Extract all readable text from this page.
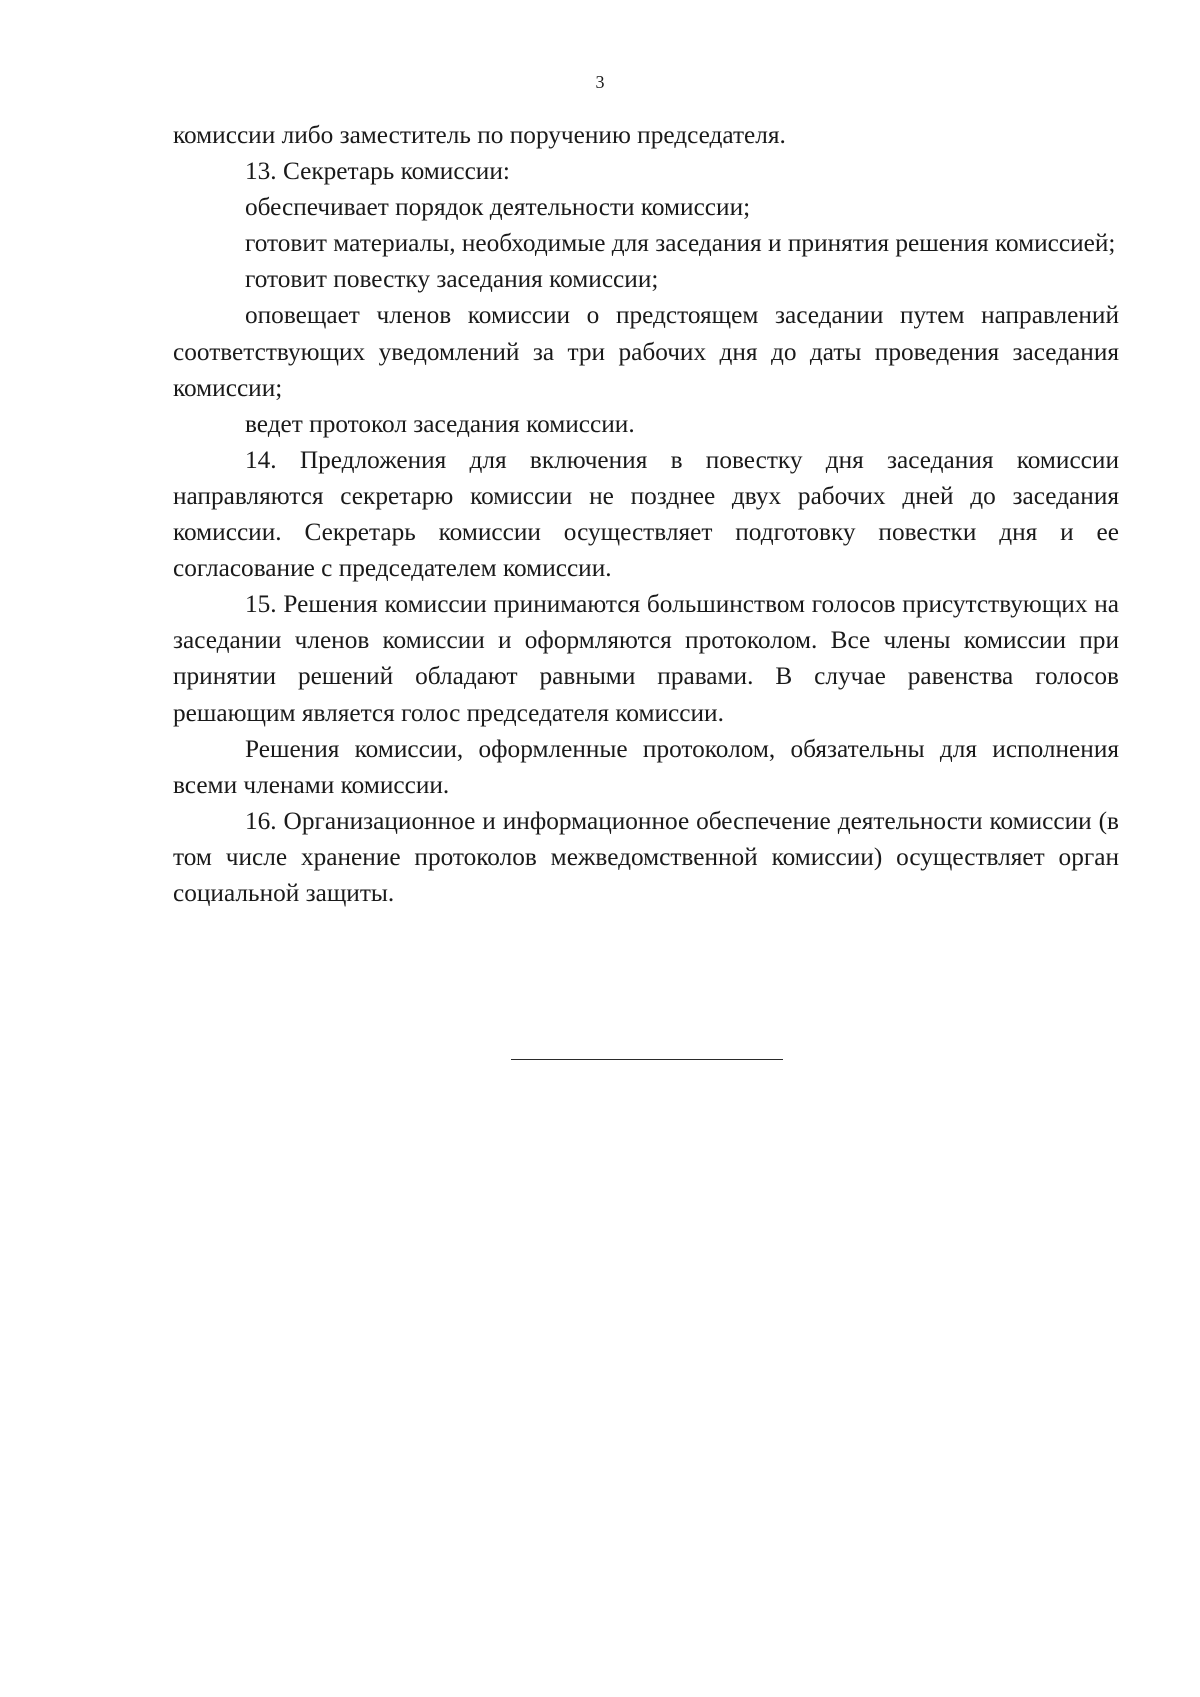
3

комиссии либо заместитель по поручению председателя.

13. Секретарь комиссии:

обеспечивает порядок деятельности комиссии;

готовит материалы, необходимые для заседания и принятия решения комиссией;

готовит повестку заседания комиссии;

оповещает членов комиссии о предстоящем заседании путем направлений соответствующих уведомлений за три рабочих дня до даты проведения заседания комиссии;

ведет протокол заседания комиссии.

14. Предложения для включения в повестку дня заседания комиссии направляются секретарю комиссии не позднее двух рабочих дней до заседания комиссии. Секретарь комиссии осуществляет подготовку повестки дня и ее согласование с председателем комиссии.

15. Решения комиссии принимаются большинством голосов присутствующих на заседании членов комиссии и оформляются протоколом. Все члены комиссии при принятии решений обладают равными правами. В случае равенства голосов решающим является голос председателя комиссии.

Решения комиссии, оформленные протоколом, обязательны для исполнения всеми членами комиссии.

16. Организационное и информационное обеспечение деятельности комиссии (в том числе хранение протоколов межведомственной комиссии) осуществляет орган социальной защиты.
